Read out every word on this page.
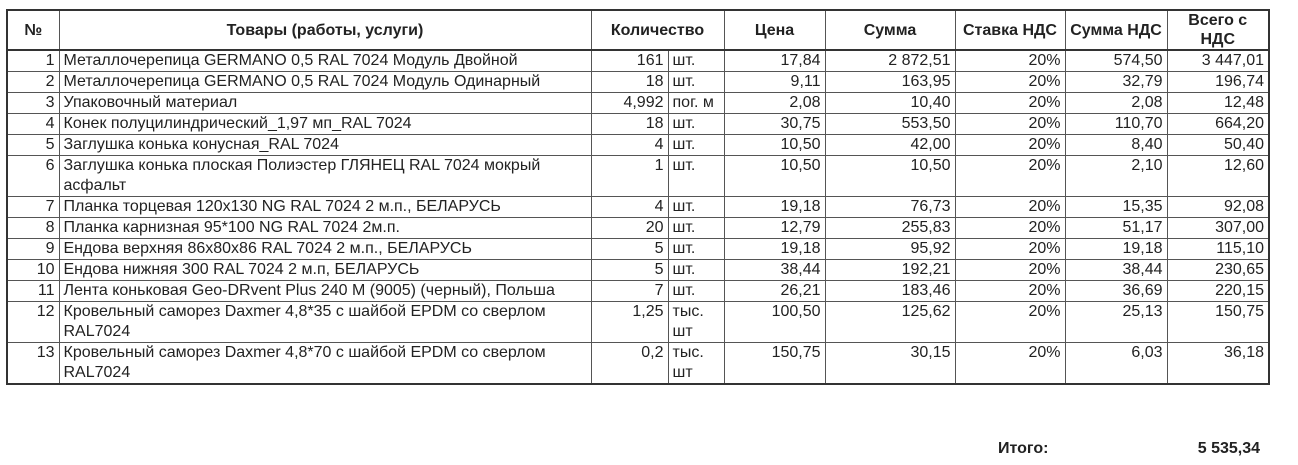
№	Товары (работы, услуги)	Количество		Цена	Сумма	Ставка НДС	Сумма НДС	Всего с НДС
1	Металлочерепица GERMANO 0,5 RAL 7024 Модуль Двойной	161	шт.	17,84	2 872,51	20%	574,50	3 447,01
2	Металлочерепица GERMANO 0,5 RAL 7024 Модуль Одинарный	18	шт.	9,11	163,95	20%	32,79	196,74
3	Упаковочный материал	4,992	пог. м	2,08	10,40	20%	2,08	12,48
4	Конек полуцилиндрический_1,97 мп_RAL 7024	18	шт.	30,75	553,50	20%	110,70	664,20
5	Заглушка конька конусная_RAL 7024	4	шт.	10,50	42,00	20%	8,40	50,40
6	Заглушка конька плоская Полиэстер ГЛЯНЕЦ RAL 7024 мокрый асфальт	1	шт.	10,50	10,50	20%	2,10	12,60
7	Планка торцевая 120x130 NG RAL 7024 2 м.п., БЕЛАРУСЬ	4	шт.	19,18	76,73	20%	15,35	92,08
8	Планка карнизная 95*100 NG RAL 7024 2м.п.	20	шт.	12,79	255,83	20%	51,17	307,00
9	Ендова верхняя 86x80x86 RAL 7024 2 м.п., БЕЛАРУСЬ	5	шт.	19,18	95,92	20%	19,18	115,10
10	Ендова нижняя 300 RAL 7024 2 м.п, БЕЛАРУСЬ	5	шт.	38,44	192,21	20%	38,44	230,65
11	Лента коньковая Geo-DRvent Plus 240 M (9005) (черный), Польша	7	шт.	26,21	183,46	20%	36,69	220,15
12	Кровельный саморез Daxmer 4,8*35 с шайбой EPDM со сверлом RAL7024	1,25	тыс. шт	100,50	125,62	20%	25,13	150,75
13	Кровельный саморез Daxmer 4,8*70 с шайбой EPDM со сверлом RAL7024	0,2	тыс. шт	150,75	30,15	20%	6,03	36,18
Итого:	5 535,34
